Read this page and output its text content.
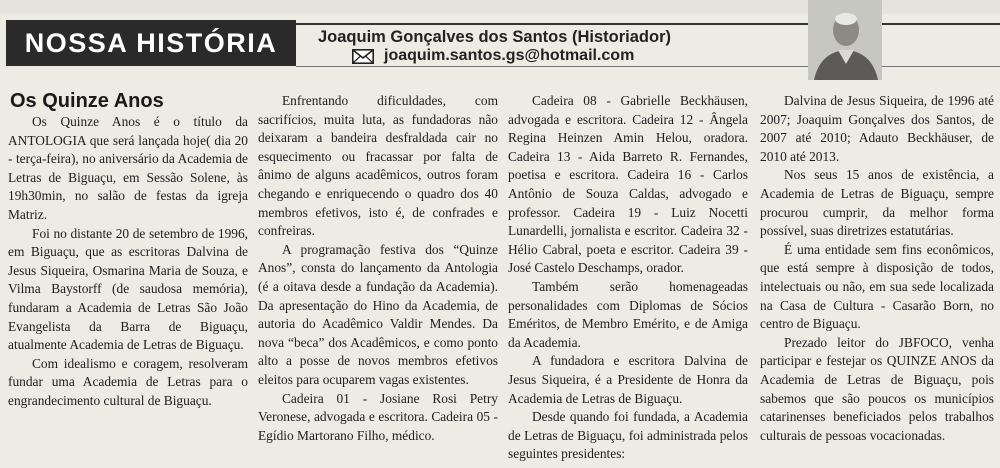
NOSSA HISTÓRIA	Joaquim Gonçalves dos Santos (Historiador)
joaquim.santos.gs@hotmail.com
Os Quinze Anos

Os Quinze Anos é o título da ANTOLOGIA que será lançada hoje( dia 20 - terça-feira), no aniversário da Academia de Letras de Biguaçu, em Sessão Solene, às 19h30min, no salão de festas da igreja Matriz.

Foi no distante 20 de setembro de 1996, em Biguaçu, que as escritoras Dalvina de Jesus Siqueira, Osmarina Maria de Souza, e Vilma Baystorff (de saudosa memória), fundaram a Academia de Letras São João Evangelista da Barra de Biguaçu, atualmente Academia de Letras de Biguaçu.

Com idealismo e coragem, resolveram fundar uma Academia de Letras para o engrandecimento cultural de Biguaçu.

Enfrentando dificuldades, com sacrifícios, muita luta, as fundadoras não deixaram a bandeira desfraldada cair no esquecimento ou fracassar por falta de ânimo de alguns acadêmicos, outros foram chegando e enriquecendo o quadro dos 40 membros efetivos, isto é, de confrades e confreiras.

A programação festiva dos “Quinze Anos”, consta do lançamento da Antologia (é a oitava desde a fundação da Academia). Da apresentação do Hino da Academia, de autoria do Acadêmico Valdir Mendes. Da nova “beca” dos Acadêmicos, e como ponto alto a posse de novos membros efetivos eleitos para ocuparem vagas existentes.

Cadeira 01 - Josiane Rosi Petry Veronese, advogada e escritora. Cadeira 05 - Egídio Martorano Filho, médico.

Cadeira 08 - Gabrielle Beckhäusen, advogada e escritora. Cadeira 12 - Ângela Regina Heinzen Amin Helou, oradora. Cadeira 13 - Aida Barreto R. Fernandes, poetisa e escritora. Cadeira 16 - Carlos Antônio de Souza Caldas, advogado e professor. Cadeira 19 - Luiz Nocetti Lunardelli, jornalista e escritor. Cadeira 32 - Hélio Cabral, poeta e escritor. Cadeira 39 - José Castelo Deschamps, orador.

Também serão homenageadas personalidades com Diplomas de Sócios Eméritos, de Membro Emérito, e de Amiga da Academia.

A fundadora e escritora Dalvina de Jesus Siqueira, é a Presidente de Honra da Academia de Letras de Biguaçu.

Desde quando foi fundada, a Academia de Letras de Biguaçu, foi administrada pelos seguintes presidentes:

Dalvina de Jesus Siqueira, de 1996 até 2007; Joaquim Gonçalves dos Santos, de 2007 até 2010; Adauto Beckhäuser, de 2010 até 2013.

Nos seus 15 anos de existência, a Academia de Letras de Biguaçu, sempre procurou cumprir, da melhor forma possível, suas diretrizes estatutárias.

É uma entidade sem fins econômicos, que está sempre à disposição de todos, intelectuais ou não, em sua sede localizada na Casa de Cultura - Casarão Born, no centro de Biguaçu.

Prezado leitor do JBFOCO, venha participar e festejar os QUINZE ANOS da Academia de Letras de Biguaçu, pois sabemos que são poucos os municípios catarinenses beneficiados pelos trabalhos culturais de pessoas vocacionadas.
